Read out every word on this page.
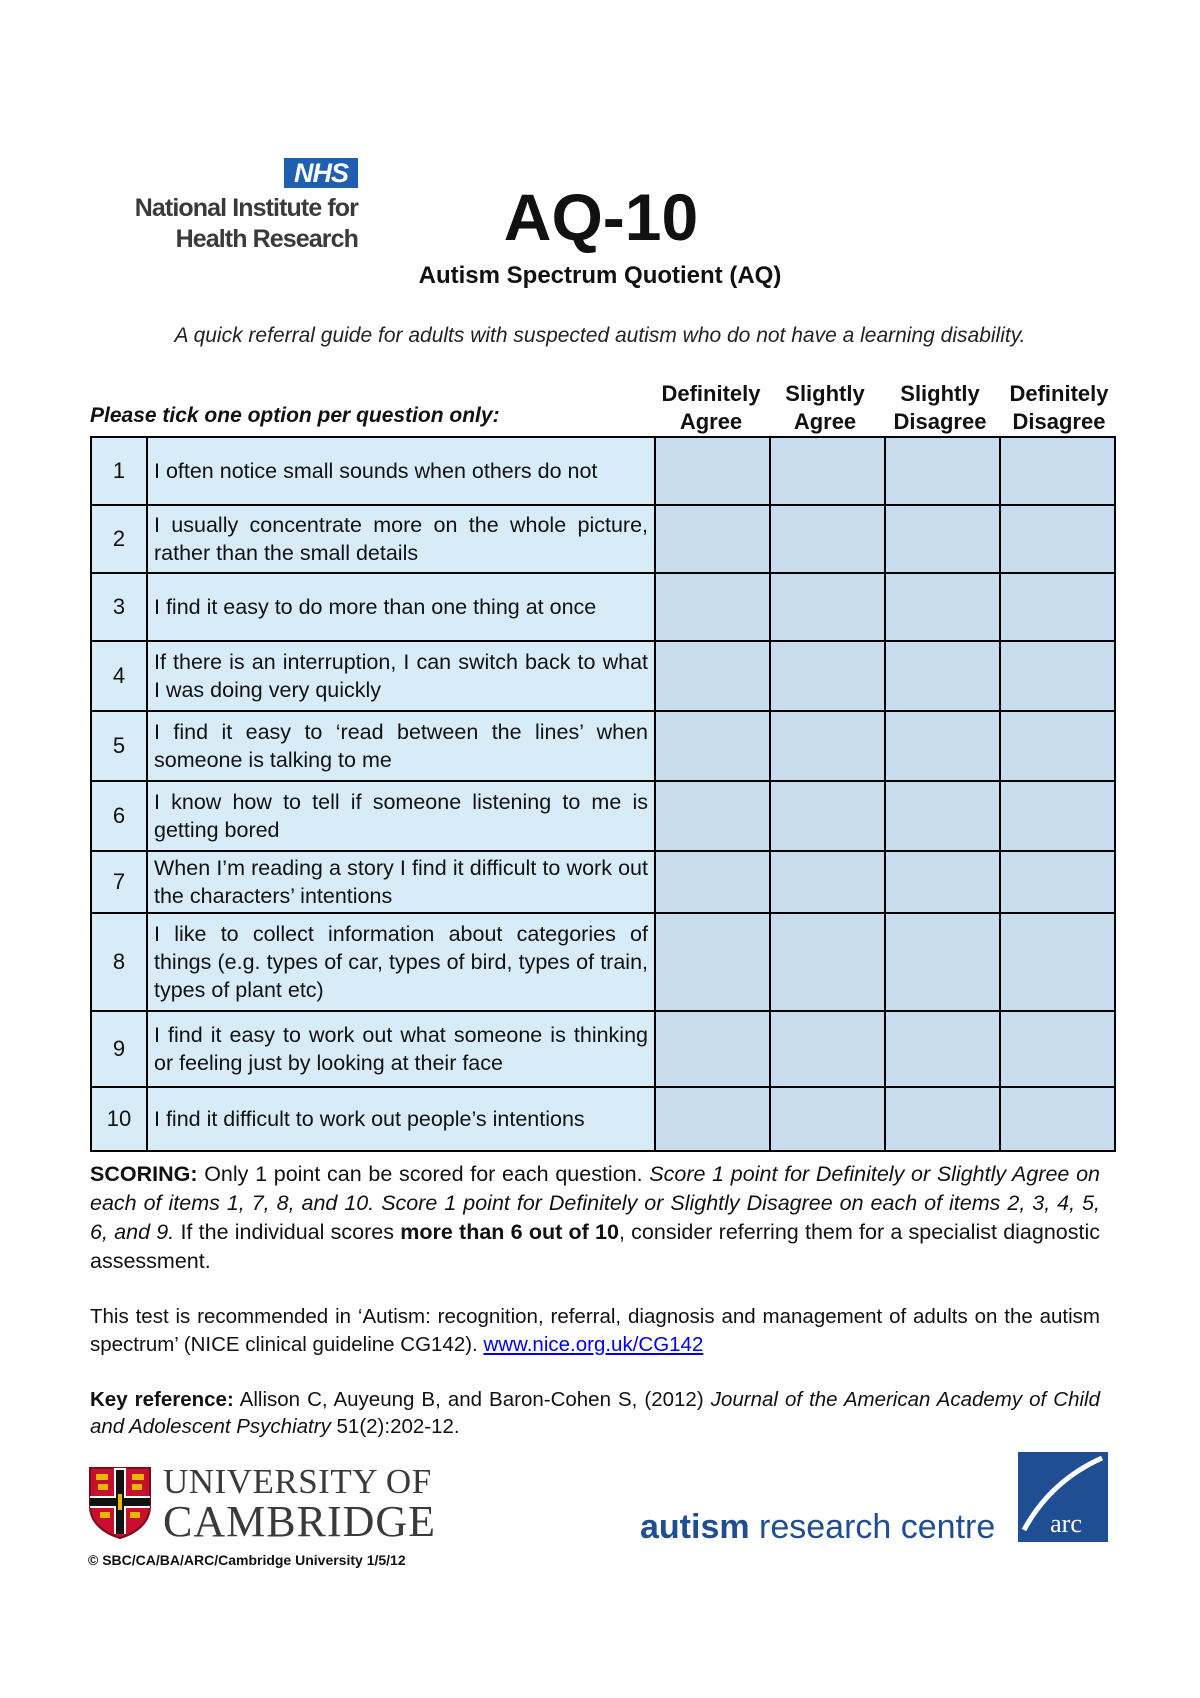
NHS
National Institute for
Health Research	AQ-10
Autism Spectrum Quotient (AQ)
A quick referral guide for adults with suspected autism who do not have a learning disability.
Please tick one option per question only:
Definitely
Agree
Slightly
Agree
Slightly
Disagree
Definitely
Disagree
1	I often notice small sounds when others do not				
2	I usually concentrate more on the whole picture, rather than the small details				
3	I find it easy to do more than one thing at once				
4	If there is an interruption, I can switch back to what I was doing very quickly				
5	I find it easy to ‘read between the lines’ when someone is talking to me				
6	I know how to tell if someone listening to me is getting bored				
7	When I’m reading a story I find it difficult to work out the characters’ intentions				
8	I like to collect information about categories of things (e.g. types of car, types of bird, types of train, types of plant etc)				
9	I find it easy to work out what someone is thinking or feeling just by looking at their face				
10	I find it difficult to work out people’s intentions				
SCORING: Only 1 point can be scored for each question. Score 1 point for Definitely or Slightly Agree on each of items 1, 7, 8, and 10. Score 1 point for Definitely or Slightly Disagree on each of items 2, 3, 4, 5, 6, and 9. If the individual scores more than 6 out of 10, consider referring them for a specialist diagnostic assessment.
This test is recommended in ‘Autism: recognition, referral, diagnosis and management of adults on the autism spectrum’ (NICE clinical guideline CG142). www.nice.org.uk/CG142
Key reference: Allison C, Auyeung B, and Baron-Cohen S, (2012) Journal of the American Academy of Child and Adolescent Psychiatry 51(2):202-12.
UNIVERSITY OF
CAMBRIDGE
© SBC/CA/BA/ARC/Cambridge University 1/5/12
autism research centre arc
